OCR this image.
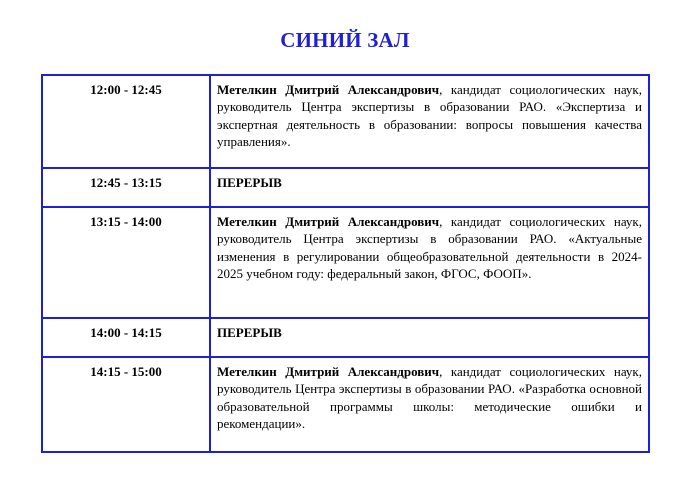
СИНИЙ ЗАЛ
12:00 - 12:45	Метелкин Дмитрий Александрович, кандидат социологических наук, руководитель Центра экспертизы в образовании РАО. «Экспертиза и экспертная деятельность в образовании: вопросы повышения качества управления».
12:45 - 13:15	ПЕРЕРЫВ
13:15 - 14:00	Метелкин Дмитрий Александрович, кандидат социологических наук, руководитель Центра экспертизы в образовании РАО. «Актуальные изменения в регулировании общеобразовательной деятельности в 2024-2025 учебном году: федеральный закон, ФГОС, ФООП».
14:00 - 14:15	ПЕРЕРЫВ
14:15 - 15:00	Метелкин Дмитрий Александрович, кандидат социологических наук, руководитель Центра экспертизы в образовании РАО. «Разработка основной образовательной программы школы: методические ошибки и рекомендации».
